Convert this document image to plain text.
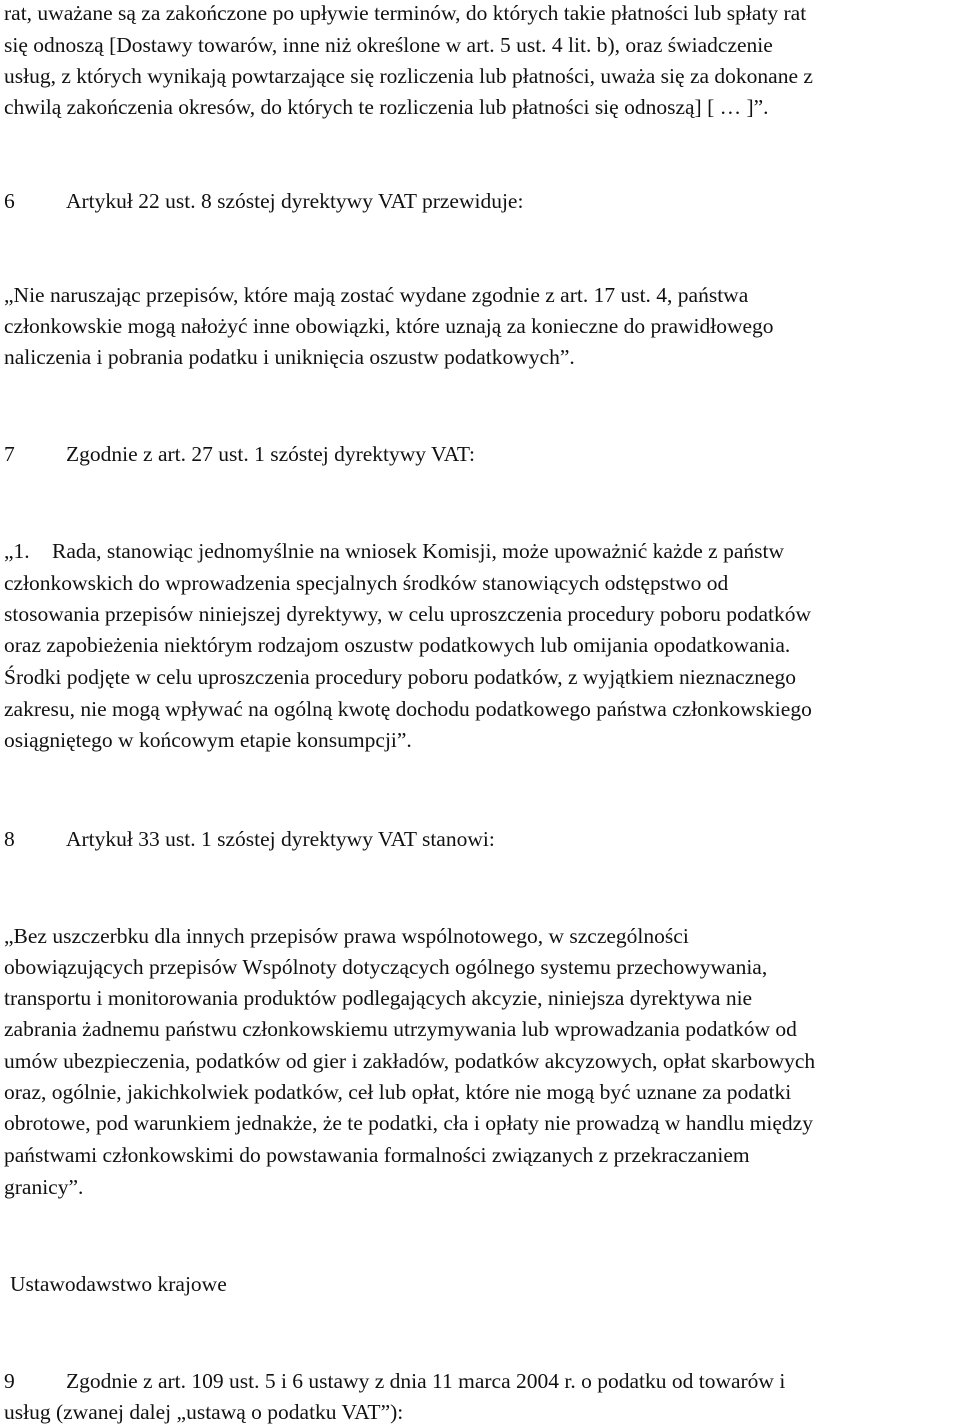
rat, uważane są za zakończone po upływie terminów, do których takie płatności lub spłaty rat
się odnoszą [Dostawy towarów, inne niż określone w art. 5 ust. 4 lit. b), oraz świadczenie
usług, z których wynikają powtarzające się rozliczenia lub płatności, uważa się za dokonane z
chwilą zakończenia okresów, do których te rozliczenia lub płatności się odnoszą] [ … ]”.
6 Artykuł 22 ust. 8 szóstej dyrektywy VAT przewiduje:
„Nie naruszając przepisów, które mają zostać wydane zgodnie z art. 17 ust. 4, państwa
członkowskie mogą nałożyć inne obowiązki, które uznają za konieczne do prawidłowego
naliczenia i pobrania podatku i uniknięcia oszustw podatkowych”.
7 Zgodnie z art. 27 ust. 1 szóstej dyrektywy VAT:
„1. Rada, stanowiąc jednomyślnie na wniosek Komisji, może upoważnić każde z państw
członkowskich do wprowadzenia specjalnych środków stanowiących odstępstwo od
stosowania przepisów niniejszej dyrektywy, w celu uproszczenia procedury poboru podatków
oraz zapobieżenia niektórym rodzajom oszustw podatkowych lub omijania opodatkowania.
Środki podjęte w celu uproszczenia procedury poboru podatków, z wyjątkiem nieznacznego
zakresu, nie mogą wpływać na ogólną kwotę dochodu podatkowego państwa członkowskiego
osiągniętego w końcowym etapie konsumpcji”.
8 Artykuł 33 ust. 1 szóstej dyrektywy VAT stanowi:
„Bez uszczerbku dla innych przepisów prawa wspólnotowego, w szczególności
obowiązujących przepisów Wspólnoty dotyczących ogólnego systemu przechowywania,
transportu i monitorowania produktów podlegających akcyzie, niniejsza dyrektywa nie
zabrania żadnemu państwu członkowskiemu utrzymywania lub wprowadzania podatków od
umów ubezpieczenia, podatków od gier i zakładów, podatków akcyzowych, opłat skarbowych
oraz, ogólnie, jakichkolwiek podatków, ceł lub opłat, które nie mogą być uznane za podatki
obrotowe, pod warunkiem jednakże, że te podatki, cła i opłaty nie prowadzą w handlu między
państwami członkowskimi do powstawania formalności związanych z przekraczaniem
granicy”.
Ustawodawstwo krajowe
9 Zgodnie z art. 109 ust. 5 i 6 ustawy z dnia 11 marca 2004 r. o podatku od towarów i
usług (zwanej dalej „ustawą o podatku VAT”):
